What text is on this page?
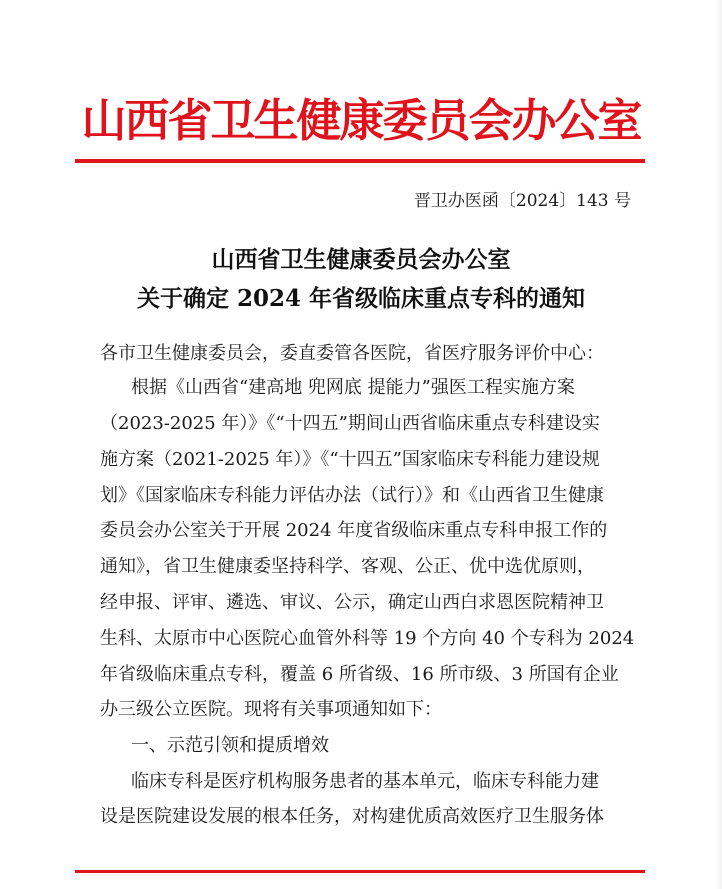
山西省卫生健康委员会办公室
晋卫办医函〔2024〕143 号
山西省卫生健康委员会办公室
关于确定 2024 年省级临床重点专科的通知
各市卫生健康委员会，委直委管各医院，省医疗服务评价中心：
根据《山西省“建高地 兜网底 提能力”强医工程实施方案
（2023-2025 年）》《“十四五”期间山西省临床重点专科建设实
施方案（2021-2025 年）》《“十四五”国家临床专科能力建设规
划》《国家临床专科能力评估办法（试行）》和《山西省卫生健康
委员会办公室关于开展 2024 年度省级临床重点专科申报工作的
通知》，省卫生健康委坚持科学、客观、公正、优中选优原则，
经申报、评审、遴选、审议、公示，确定山西白求恩医院精神卫
生科、太原市中心医院心血管外科等 19 个方向 40 个专科为 2024
年省级临床重点专科，覆盖 6 所省级、16 所市级、3 所国有企业
办三级公立医院。现将有关事项通知如下：
一、示范引领和提质增效
临床专科是医疗机构服务患者的基本单元，临床专科能力建
设是医院建设发展的根本任务，对构建优质高效医疗卫生服务体
